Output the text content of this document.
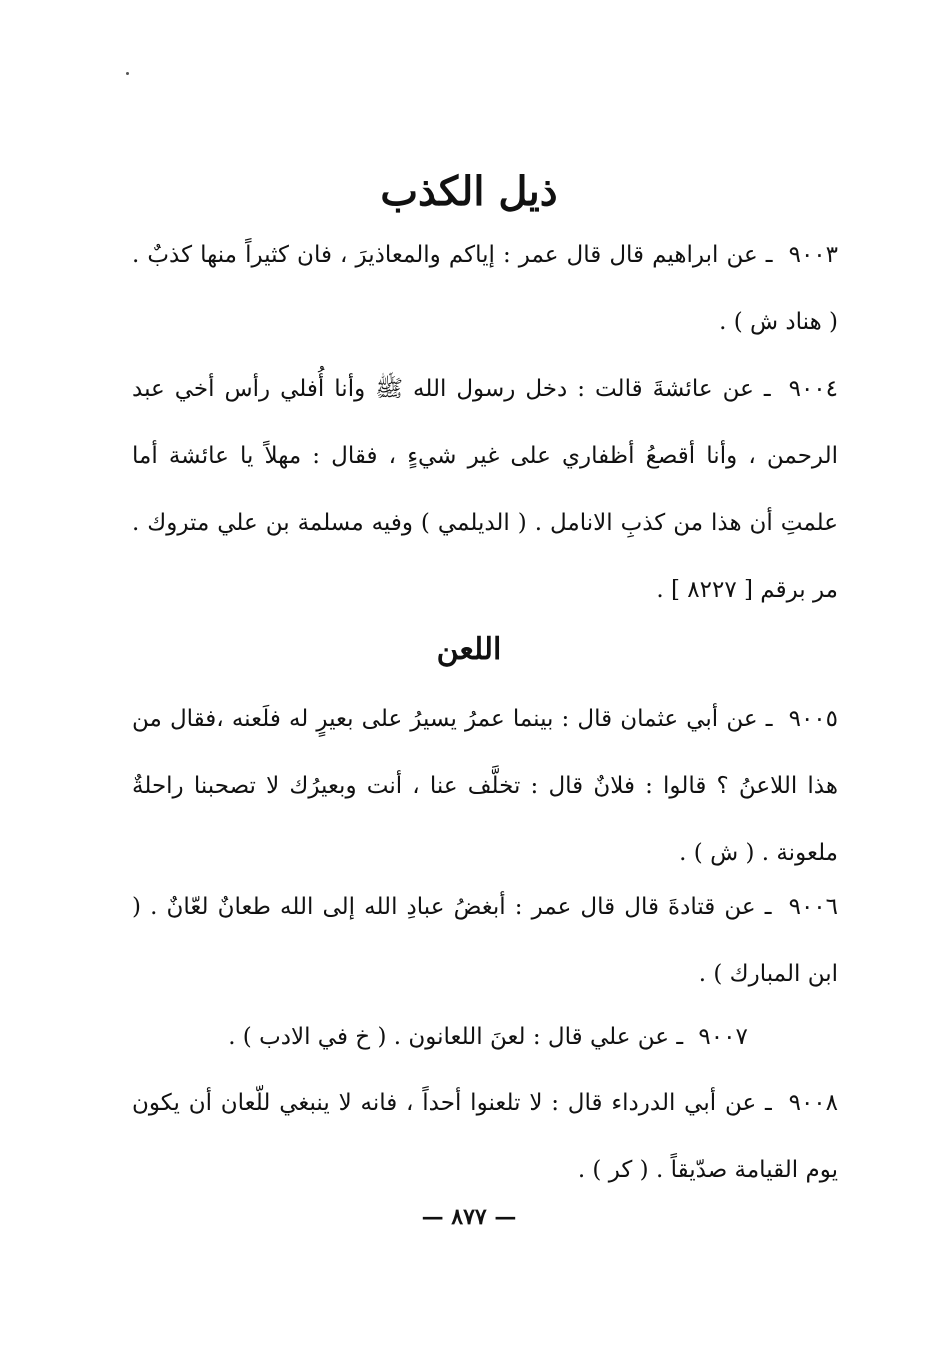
ذيل الكذب

٩٠٠٣ ـ عن ابراهيم قال قال عمر : إياكم والمعاذيرَ ، فان كثيراً منها كذبٌ . ( هناد ش ) .

٩٠٠٤ ـ عن عائشةَ قالت : دخل رسول الله ﷺ وأنا أُفلي رأس أخي عبد الرحمن ، وأنا أقصعُ أظفاري على غير شيءٍ ، فقال : مهلاً يا عائشة أما علمتِ أن هذا من كذبِ الانامل . ( الديلمي ) وفيه مسلمة بن علي متروك . مر برقم [ ٨٢٢٧ ] .

اللعن

٩٠٠٥ ـ عن أبي عثمان قال : بينما عمرُ يسيرُ على بعيرٍ له فلَعنه ،فقال من هذا اللاعنُ ؟ قالوا : فلانٌ قال : تخلَّف عنا ، أنت وبعيرُك لا تصحبنا راحلةٌ ملعونة . ( ش ) .

٩٠٠٦ ـ عن قتادةَ قال قال عمر : أبغضُ عبادِ الله إلى الله طعانٌ لعّانٌ . ( ابن المبارك ) .

٩٠٠٧ ـ عن علي قال : لعنَ اللعانون . ( خ في الادب ) .

٩٠٠٨ ـ عن أبي الدرداء قال : لا تلعنوا أحداً ، فانه لا ينبغي للّعان أن يكون يوم القيامة صدّيقاً . ( كر ) .

— ٨٧٧ —
